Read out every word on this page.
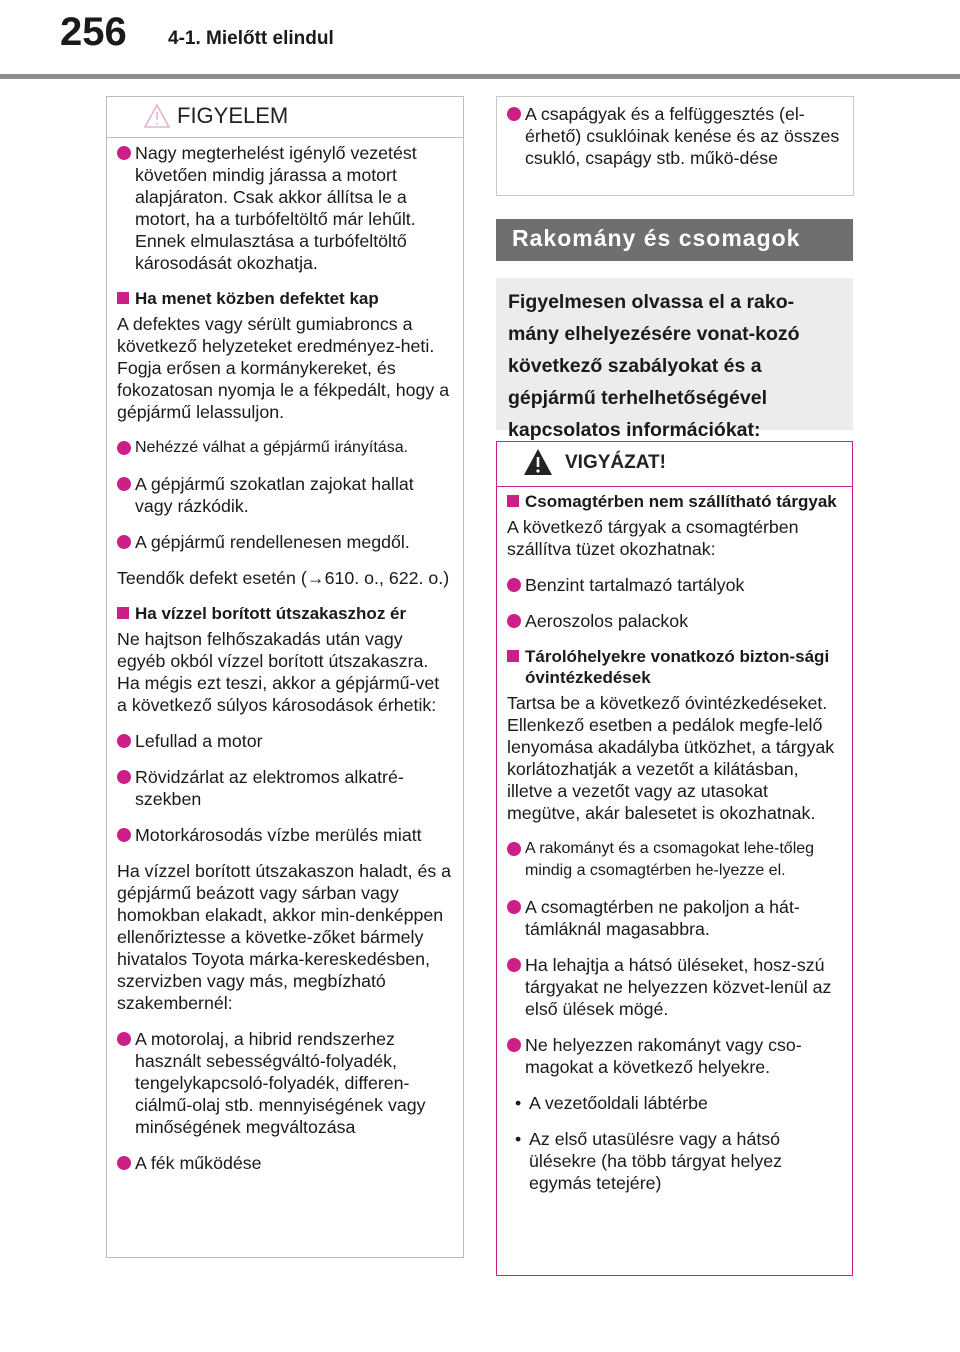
256 4-1. Mielőtt elindul
FIGYELEM
Nagy megterhelést igénylő vezetést követően mindig járassa a motort alapjáraton. Csak akkor állítsa le a motort, ha a turbófeltöltő már lehűlt. Ennek elmulasztása a turbófeltöltő károsodását okozhatja.
Ha menet közben defektet kap
A defektes vagy sérült gumiabroncs a következő helyzeteket eredményez-heti. Fogja erősen a kormánykereket, és fokozatosan nyomja le a fékpedált, hogy a gépjármű lelassuljon.
Nehézzé válhat a gépjármű irányítása.
A gépjármű szokatlan zajokat hallat vagy rázkódik.
A gépjármű rendellenesen megdől.
Teendők defekt esetén (→610. o., 622. o.)
Ha vízzel borított útszakaszhoz ér
Ne hajtson felhőszakadás után vagy egyéb okból vízzel borított útszakaszra. Ha mégis ezt teszi, akkor a gépjármű-vet a következő súlyos károsodások érhetik:
Lefullad a motor
Rövidzárlat az elektromos alkatré-szekben
Motorkárosodás vízbe merülés miatt
Ha vízzel borított útszakaszon haladt, és a gépjármű beázott vagy sárban vagy homokban elakadt, akkor min-denképpen ellenőriztesse a követke-zőket bármely hivatalos Toyota márka-kereskedésben, szervizben vagy más, megbízható szakembernél:
A motorolaj, a hibrid rendszerhez használt sebességváltó-folyadék, tengelykapcsoló-folyadék, differen-ciálmű-olaj stb. mennyiségének vagy minőségének megváltozása
A fék működése
A csapágyak és a felfüggesztés (el-érhető) csuklóinak kenése és az összes csukló, csapágy stb. műkö-dése
Rakomány és csomagok
Figyelmesen olvassa el a rako-mány elhelyezésére vonat-kozó következő szabályokat és a gépjármű terhelhetőségével kapcsolatos információkat:
VIGYÁZAT!
Csomagtérben nem szállítható tárgyak
A következő tárgyak a csomagtérben szállítva tüzet okozhatnak:
Benzint tartalmazó tartályok
Aeroszolos palackok
Tárolóhelyekre vonatkozó bizton-sági óvintézkedések
Tartsa be a következő óvintézkedéseket. Ellenkező esetben a pedálok megfe-lelő lenyomása akadályba ütközhet, a tárgyak korlátozhatják a vezetőt a kilátásban, illetve a vezetőt vagy az utasokat megütve, akár balesetet is okozhatnak.
A rakományt és a csomagokat lehe-tőleg mindig a csomagtérben he-lyezze el.
A csomagtérben ne pakoljon a hát-támláknál magasabbra.
Ha lehajtja a hátsó üléseket, hosz-szú tárgyakat ne helyezzen közvet-lenül az első ülések mögé.
Ne helyezzen rakományt vagy cso-magokat a következő helyekre.
• A vezetőoldali lábtérbe
• Az első utasülésre vagy a hátsó ülésekre (ha több tárgyat helyez egymás tetejére)
